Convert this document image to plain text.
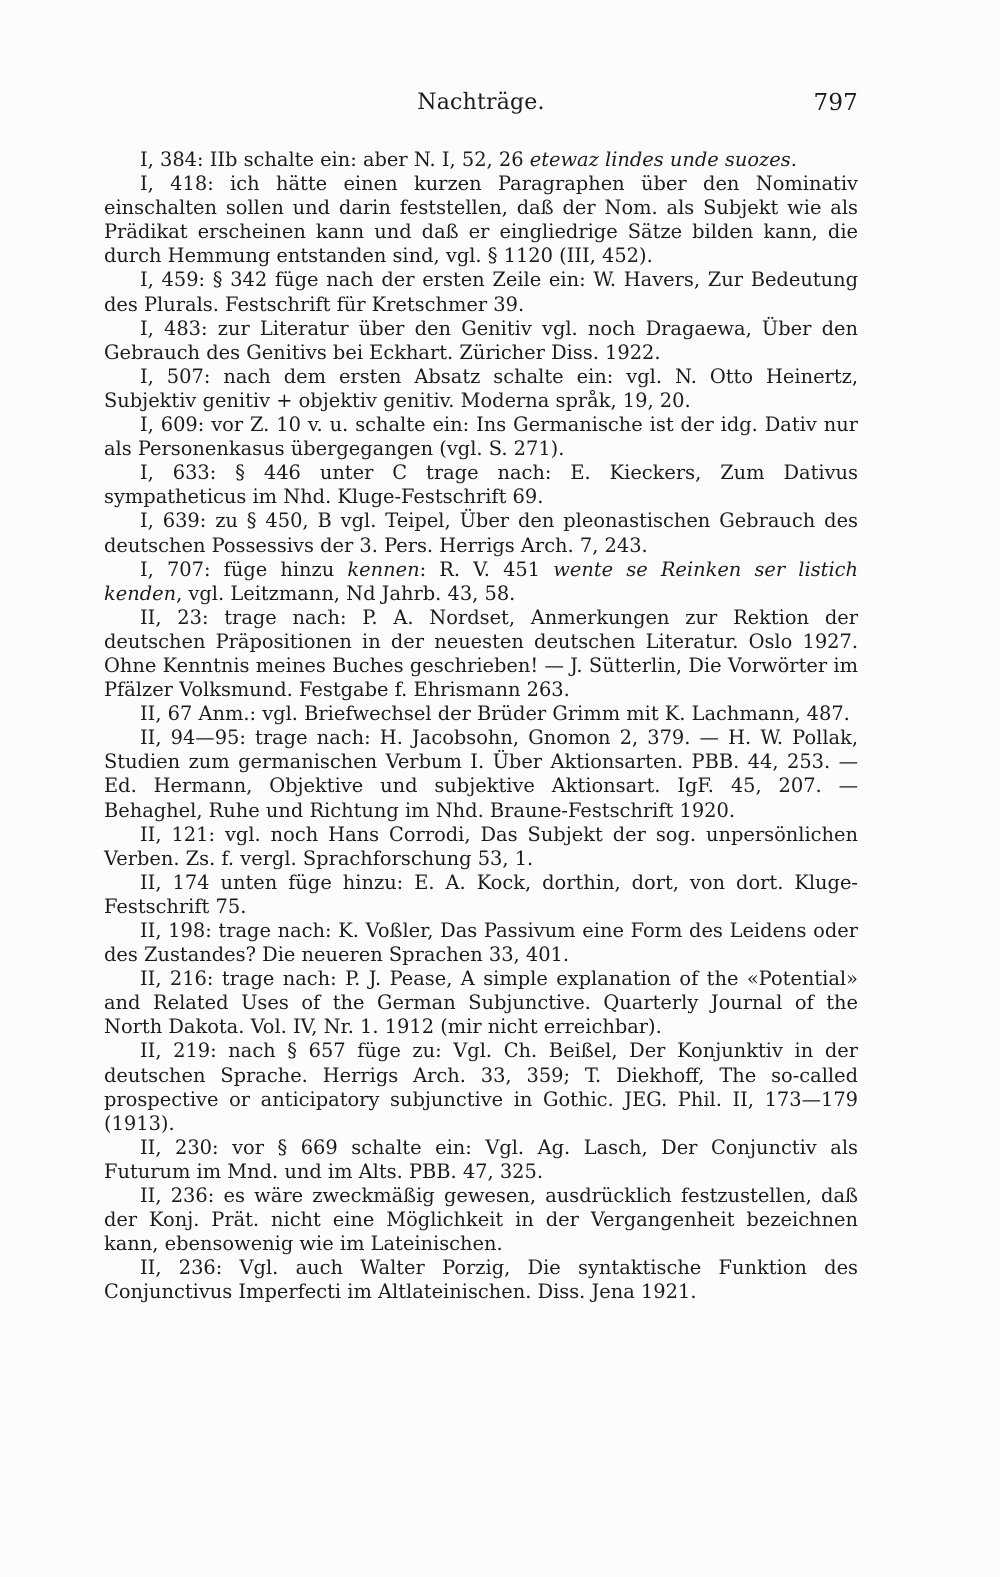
Nachträge.	797

I, 384: IIb schalte ein: aber N. I, 52, 26 etewaz lindes unde suozes.

I, 418: ich hätte einen kurzen Paragraphen über den Nominativ einschalten sollen und darin feststellen, daß der Nom. als Subjekt wie als Prädikat erscheinen kann und daß er eingliedrige Sätze bilden kann, die durch Hemmung entstanden sind, vgl. § 1120 (III, 452).

I, 459: § 342 füge nach der ersten Zeile ein: W. Havers, Zur Bedeutung des Plurals. Festschrift für Kretschmer 39.

I, 483: zur Literatur über den Genitiv vgl. noch Dragaewa, Über den Gebrauch des Genitivs bei Eckhart. Züricher Diss. 1922.

I, 507: nach dem ersten Absatz schalte ein: vgl. N. Otto Heinertz, Subjektiv genitiv + objektiv genitiv. Moderna språk, 19, 20.

I, 609: vor Z. 10 v. u. schalte ein: Ins Germanische ist der idg. Dativ nur als Personenkasus übergegangen (vgl. S. 271).

I, 633: § 446 unter C trage nach: E. Kieckers, Zum Dativus sympatheticus im Nhd. Kluge-Festschrift 69.

I, 639: zu § 450, B vgl. Teipel, Über den pleonastischen Gebrauch des deutschen Possessivs der 3. Pers. Herrigs Arch. 7, 243.

I, 707: füge hinzu kennen: R. V. 451 wente se Reinken ser listich kenden, vgl. Leitzmann, Nd Jahrb. 43, 58.

II, 23: trage nach: P. A. Nordset, Anmerkungen zur Rektion der deutschen Präpositionen in der neuesten deutschen Literatur. Oslo 1927. Ohne Kenntnis meines Buches geschrieben! — J. Sütterlin, Die Vorwörter im Pfälzer Volksmund. Festgabe f. Ehrismann 263.

II, 67 Anm.: vgl. Briefwechsel der Brüder Grimm mit K. Lachmann, 487.

II, 94—95: trage nach: H. Jacobsohn, Gnomon 2, 379. — H. W. Pollak, Studien zum germanischen Verbum I. Über Aktionsarten. PBB. 44, 253. — Ed. Hermann, Objektive und subjektive Aktionsart. IgF. 45, 207. — Behaghel, Ruhe und Richtung im Nhd. Braune-Festschrift 1920.

II, 121: vgl. noch Hans Corrodi, Das Subjekt der sog. unpersönlichen Verben. Zs. f. vergl. Sprachforschung 53, 1.

II, 174 unten füge hinzu: E. A. Kock, dorthin, dort, von dort. Kluge-Festschrift 75.

II, 198: trage nach: K. Voßler, Das Passivum eine Form des Leidens oder des Zustandes? Die neueren Sprachen 33, 401.

II, 216: trage nach: P. J. Pease, A simple explanation of the «Potential» and Related Uses of the German Subjunctive. Quarterly Journal of the North Dakota. Vol. IV, Nr. 1. 1912 (mir nicht erreichbar).

II, 219: nach § 657 füge zu: Vgl. Ch. Beißel, Der Konjunktiv in der deutschen Sprache. Herrigs Arch. 33, 359; T. Diekhoff, The so-called prospective or anticipatory subjunctive in Gothic. JEG. Phil. II, 173—179 (1913).

II, 230: vor § 669 schalte ein: Vgl. Ag. Lasch, Der Conjunctiv als Futurum im Mnd. und im Alts. PBB. 47, 325.

II, 236: es wäre zweckmäßig gewesen, ausdrücklich festzustellen, daß der Konj. Prät. nicht eine Möglichkeit in der Vergangenheit bezeichnen kann, ebensowenig wie im Lateinischen.

II, 236: Vgl. auch Walter Porzig, Die syntaktische Funktion des Conjunctivus Imperfecti im Altlateinischen. Diss. Jena 1921.
